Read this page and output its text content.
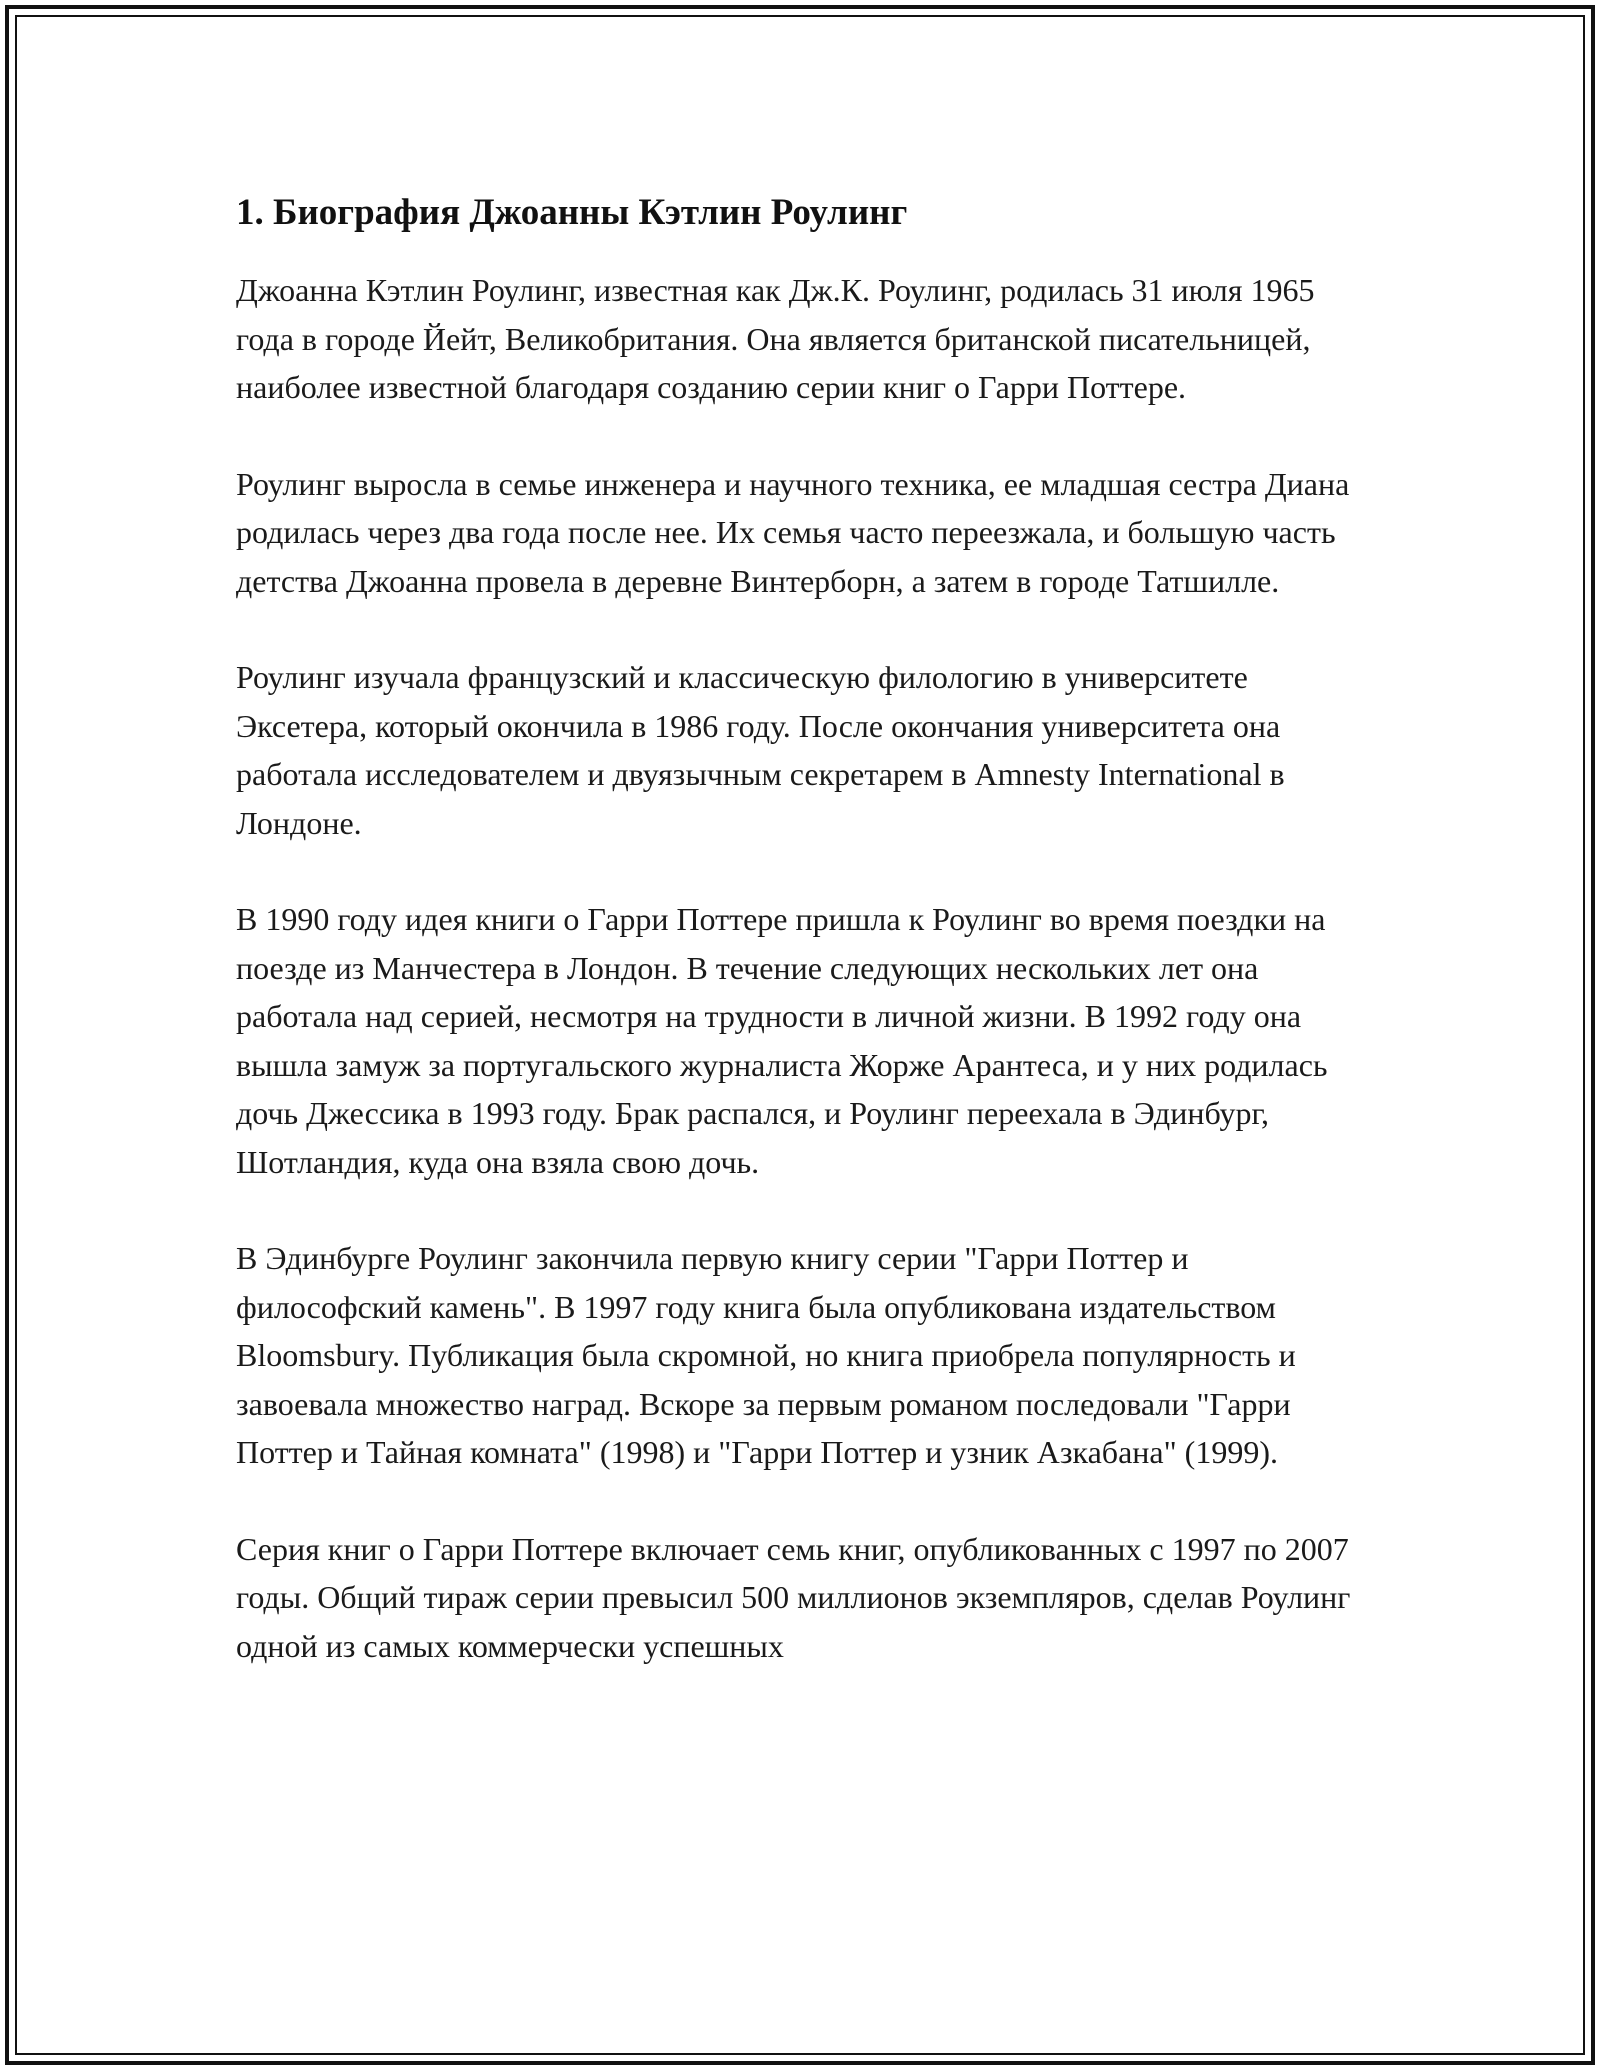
1. Биография Джоанны Кэтлин Роулинг

Джоанна Кэтлин Роулинг, известная как Дж.К. Роулинг, родилась 31 июля 1965 года в городе Йейт, Великобритания. Она является британской писательницей, наиболее известной благодаря созданию серии книг о Гарри Поттере.

Роулинг выросла в семье инженера и научного техника, ее младшая сестра Диана родилась через два года после нее. Их семья часто переезжала, и большую часть детства Джоанна провела в деревне Винтерборн, а затем в городе Татшилле.

Роулинг изучала французский и классическую филологию в университете Эксетера, который окончила в 1986 году. После окончания университета она работала исследователем и двуязычным секретарем в Amnesty International в Лондоне.

В 1990 году идея книги о Гарри Поттере пришла к Роулинг во время поездки на поезде из Манчестера в Лондон. В течение следующих нескольких лет она работала над серией, несмотря на трудности в личной жизни. В 1992 году она вышла замуж за португальского журналиста Жорже Арантеса, и у них родилась дочь Джессика в 1993 году. Брак распался, и Роулинг переехала в Эдинбург, Шотландия, куда она взяла свою дочь.

В Эдинбурге Роулинг закончила первую книгу серии "Гарри Поттер и философский камень". В 1997 году книга была опубликована издательством Bloomsbury. Публикация была скромной, но книга приобрела популярность и завоевала множество наград. Вскоре за первым романом последовали "Гарри Поттер и Тайная комната" (1998) и "Гарри Поттер и узник Азкабана" (1999).

Серия книг о Гарри Поттере включает семь книг, опубликованных с 1997 по 2007 годы. Общий тираж серии превысил 500 миллионов экземпляров, сделав Роулинг одной из самых коммерчески успешных
